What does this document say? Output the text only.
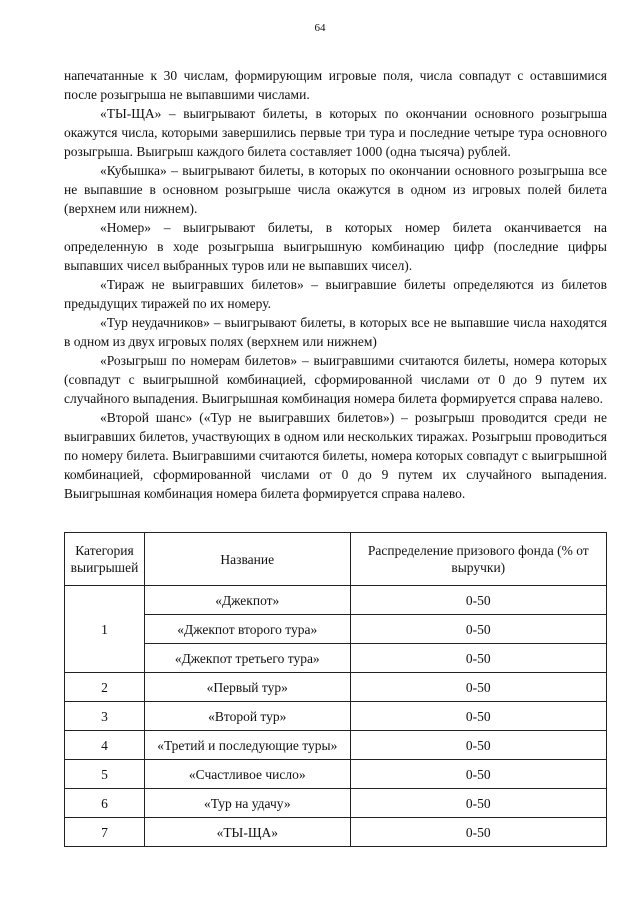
64

напечатанные к 30 числам, формирующим игровые поля, числа совпадут с оставшимися после розыгрыша не выпавшими числами.

«ТЫ-ЩА» – выигрывают билеты, в которых по окончании основного розыгрыша окажутся числа, которыми завершились первые три тура и последние четыре тура основного розыгрыша. Выигрыш каждого билета составляет 1000 (одна тысяча) рублей.

«Кубышка» – выигрывают билеты, в которых по окончании основного розыгрыша все не выпавшие в основном розыгрыше числа окажутся в одном из игровых полей билета (верхнем или нижнем).

«Номер» – выигрывают билеты, в которых номер билета оканчивается на определенную в ходе розыгрыша выигрышную комбинацию цифр (последние цифры выпавших чисел выбранных туров или не выпавших чисел).

«Тираж не выигравших билетов» – выигравшие билеты определяются из билетов предыдущих тиражей по их номеру.

«Тур неудачников» – выигрывают билеты, в которых все не выпавшие числа находятся в одном из двух игровых полях (верхнем или нижнем)

«Розыгрыш по номерам билетов» – выигравшими считаются билеты, номера которых (совпадут с выигрышной комбинацией, сформированной числами от 0 до 9 путем их случайного выпадения. Выигрышная комбинация номера билета формируется справа налево.

«Второй шанс» («Тур не выигравших билетов») – розыгрыш проводится среди не выигравших билетов, участвующих в одном или нескольких тиражах. Розыгрыш проводиться по номеру билета. Выигравшими считаются билеты, номера которых совпадут с выигрышной комбинацией, сформированной числами от 0 до 9 путем их случайного выпадения. Выигрышная комбинация номера билета формируется справа налево.

Категория выигрышей	Название	Распределение призового фонда (% от выручки)
1	«Джекпот»	0-50
	«Джекпот второго тура»	0-50
	«Джекпот третьего тура»	0-50
2	«Первый тур»	0-50
3	«Второй тур»	0-50
4	«Третий и последующие туры»	0-50
5	«Счастливое число»	0-50
6	«Тур на удачу»	0-50
7	«ТЫ-ЩА»	0-50
